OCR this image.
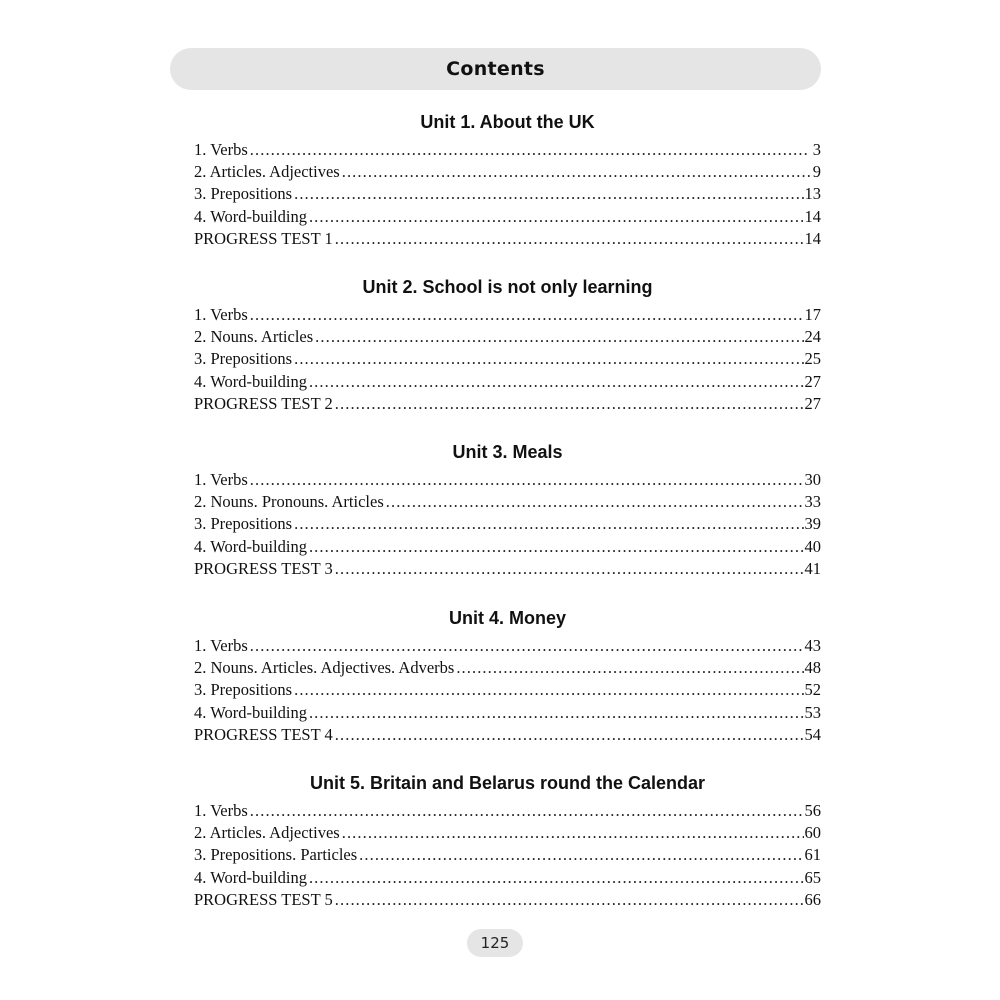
Contents
Unit 1. About the UK
1. Verbs .....	3
2. Articles. Adjectives .....	9
3. Prepositions .....	13
4. Word-building .....	14
PROGRESS TEST 1 .....	14
Unit 2. School is not only learning
1. Verbs .....	17
2. Nouns. Articles .....	24
3. Prepositions .....	25
4. Word-building .....	27
PROGRESS TEST 2 .....	27
Unit 3. Meals
1. Verbs .....	30
2. Nouns. Pronouns. Articles .....	33
3. Prepositions .....	39
4. Word-building .....	40
PROGRESS TEST 3 .....	41
Unit 4. Money
1. Verbs .....	43
2. Nouns. Articles. Adjectives. Adverbs .....	48
3. Prepositions .....	52
4. Word-building .....	53
PROGRESS TEST 4 .....	54
Unit 5. Britain and Belarus round the Calendar
1. Verbs .....	56
2. Articles. Adjectives .....	60
3. Prepositions. Particles .....	61
4. Word-building .....	65
PROGRESS TEST 5 .....	66
125
